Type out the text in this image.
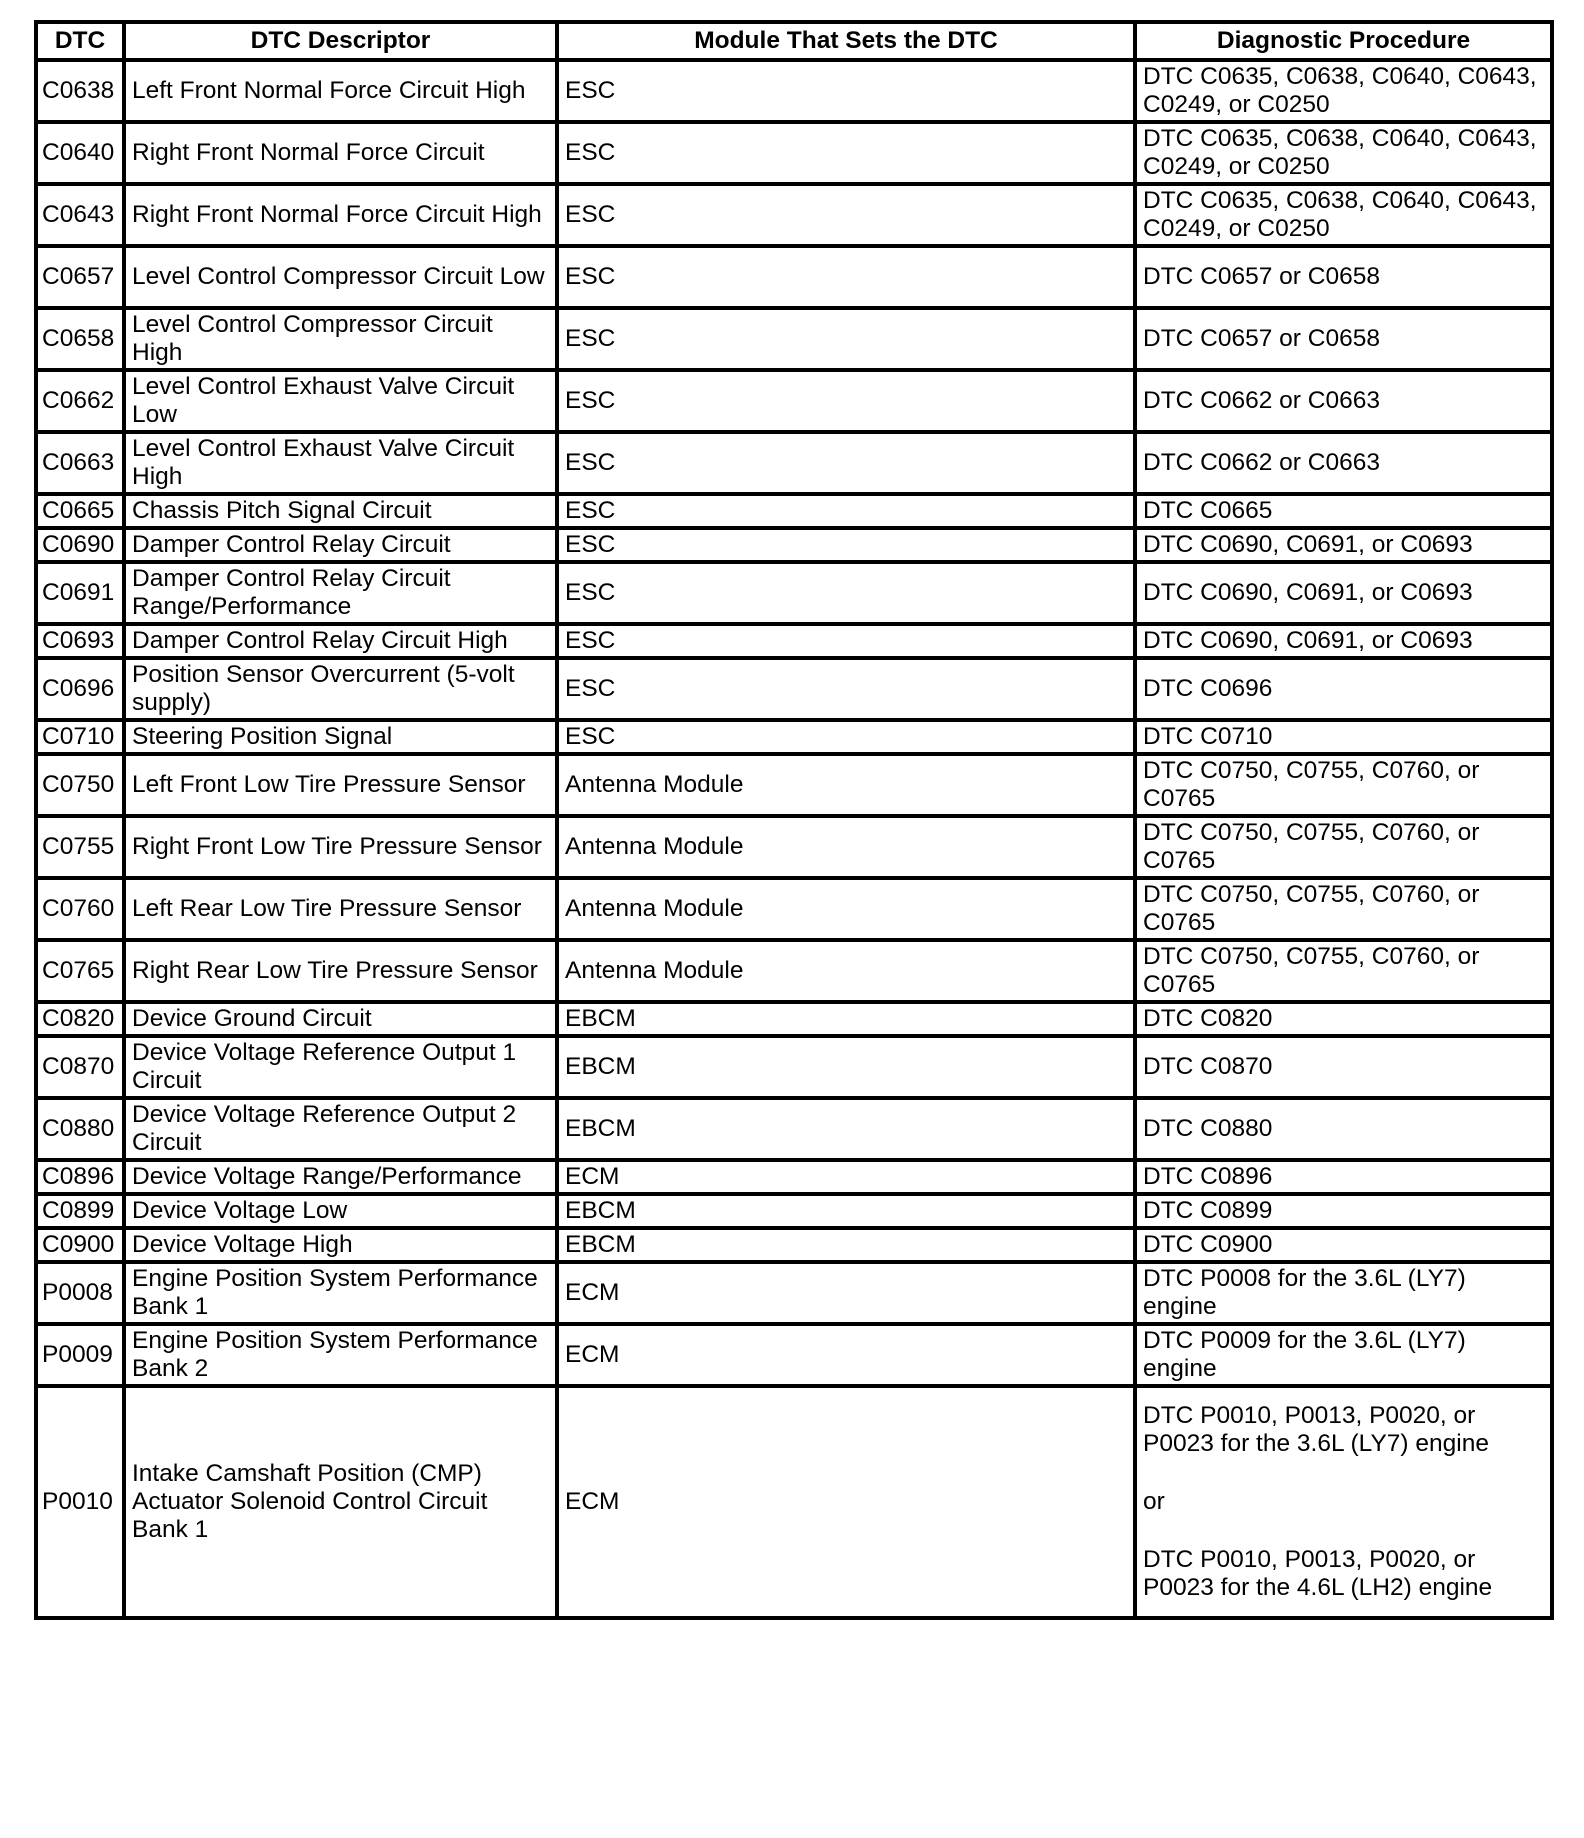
DTC	DTC Descriptor	Module That Sets the DTC	Diagnostic Procedure
C0638	Left Front Normal Force Circuit High	ESC	DTC C0635, C0638, C0640, C0643, C0249, or C0250
C0640	Right Front Normal Force Circuit	ESC	DTC C0635, C0638, C0640, C0643, C0249, or C0250
C0643	Right Front Normal Force Circuit High	ESC	DTC C0635, C0638, C0640, C0643, C0249, or C0250
C0657	Level Control Compressor Circuit Low	ESC	DTC C0657 or C0658
C0658	Level Control Compressor Circuit High	ESC	DTC C0657 or C0658
C0662	Level Control Exhaust Valve Circuit Low	ESC	DTC C0662 or C0663
C0663	Level Control Exhaust Valve Circuit High	ESC	DTC C0662 or C0663
C0665	Chassis Pitch Signal Circuit	ESC	DTC C0665
C0690	Damper Control Relay Circuit	ESC	DTC C0690, C0691, or C0693
C0691	Damper Control Relay Circuit Range/Performance	ESC	DTC C0690, C0691, or C0693
C0693	Damper Control Relay Circuit High	ESC	DTC C0690, C0691, or C0693
C0696	Position Sensor Overcurrent (5-volt supply)	ESC	DTC C0696
C0710	Steering Position Signal	ESC	DTC C0710
C0750	Left Front Low Tire Pressure Sensor	Antenna Module	DTC C0750, C0755, C0760, or C0765
C0755	Right Front Low Tire Pressure Sensor	Antenna Module	DTC C0750, C0755, C0760, or C0765
C0760	Left Rear Low Tire Pressure Sensor	Antenna Module	DTC C0750, C0755, C0760, or C0765
C0765	Right Rear Low Tire Pressure Sensor	Antenna Module	DTC C0750, C0755, C0760, or C0765
C0820	Device Ground Circuit	EBCM	DTC C0820
C0870	Device Voltage Reference Output 1 Circuit	EBCM	DTC C0870
C0880	Device Voltage Reference Output 2 Circuit	EBCM	DTC C0880
C0896	Device Voltage Range/Performance	ECM	DTC C0896
C0899	Device Voltage Low	EBCM	DTC C0899
C0900	Device Voltage High	EBCM	DTC C0900
P0008	Engine Position System Performance Bank 1	ECM	DTC P0008 for the 3.6L (LY7) engine
P0009	Engine Position System Performance Bank 2	ECM	DTC P0009 for the 3.6L (LY7) engine
P0010	Intake Camshaft Position (CMP) Actuator Solenoid Control Circuit Bank 1	ECM	DTC P0010, P0013, P0020, or P0023 for the 3.6L (LY7) engine
or
DTC P0010, P0013, P0020, or P0023 for the 4.6L (LH2) engine
